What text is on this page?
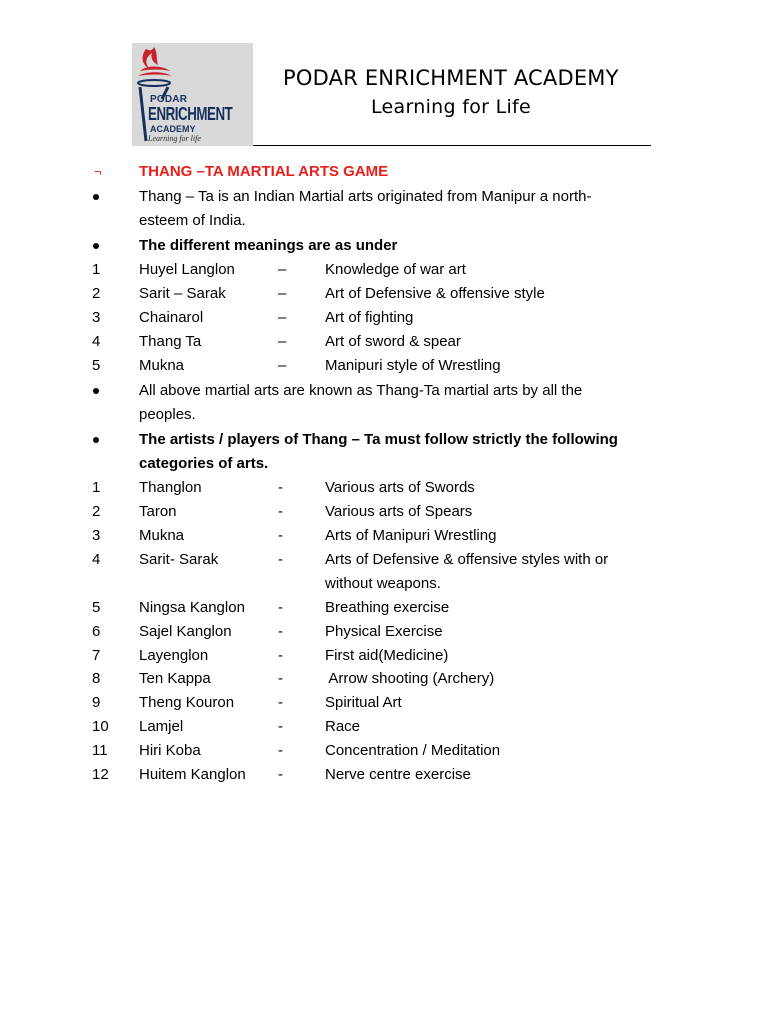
PODAR
ENRICHMENT
ACADEMY
Learning for life
PODAR ENRICHMENT ACADEMY
Learning for Life
¬ THANG –TA MARTIAL ARTS GAME
Thang – Ta is an Indian Martial arts originated from Manipur a north-
esteem of India.
The different meanings are as under
1	Huyel Langlon	–	Knowledge of war art
2	Sarit – Sarak	–	Art of Defensive & offensive style
3	Chainarol	–	Art of fighting
4	Thang Ta	–	Art of sword & spear
5	Mukna	–	Manipuri style of Wrestling
All above martial arts are known as Thang-Ta martial arts by all the
peoples.
The artists / players of Thang – Ta must follow strictly the following
categories of arts.
1	Thanglon	-	Various arts of Swords
2	Taron	-	Various arts of Spears
3	Mukna	-	Arts of Manipuri Wrestling
4	Sarit- Sarak	-	Arts of Defensive & offensive styles with or
without weapons.
5	Ningsa Kanglon -	Breathing exercise
6	Sajel Kanglon	-	Physical Exercise
7	Layenglon	-	First aid(Medicine)
8	Ten Kappa	-	Arrow shooting (Archery)
9	Theng Kouron	-	Spiritual Art
10 Lamjel	-	Race
11 Hiri Koba	-	Concentration / Meditation
12 Huitem Kanglon -	Nerve centre exercise
